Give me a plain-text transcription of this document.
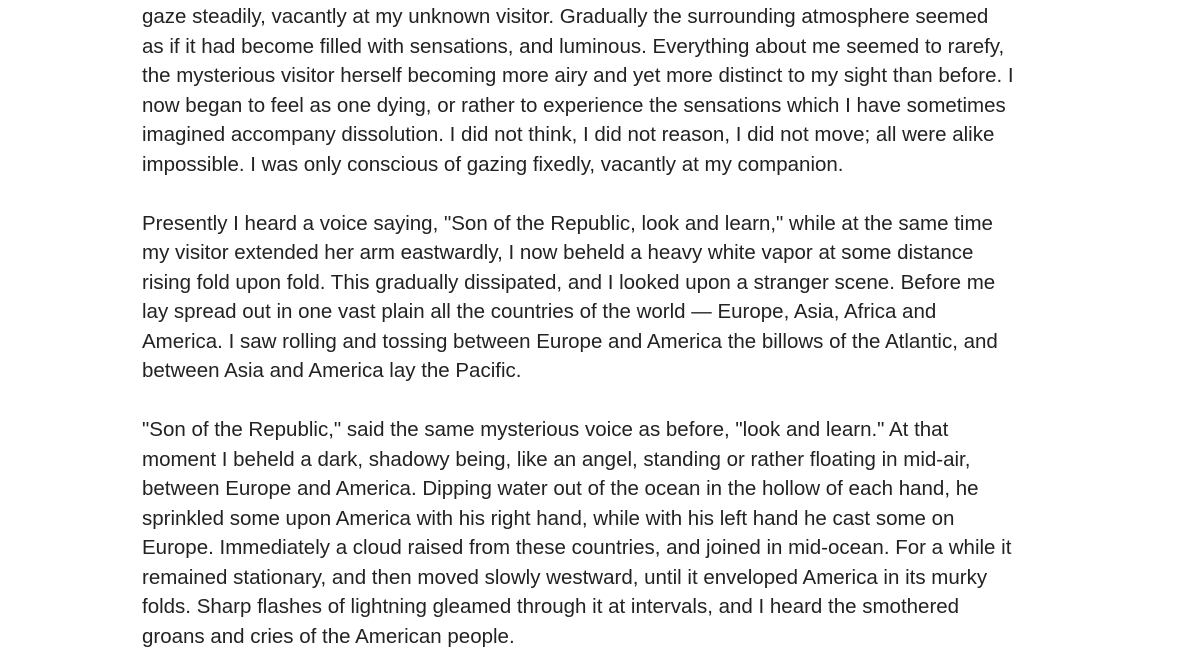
gaze steadily, vacantly at my unknown visitor. Gradually the surrounding atmosphere seemed
as if it had become filled with sensations, and luminous. Everything about me seemed to rarefy,
the mysterious visitor herself becoming more airy and yet more distinct to my sight than before. I
now began to feel as one dying, or rather to experience the sensations which I have sometimes
imagined accompany dissolution. I did not think, I did not reason, I did not move; all were alike
impossible. I was only conscious of gazing fixedly, vacantly at my companion.
Presently I heard a voice saying, "Son of the Republic, look and learn," while at the same time
my visitor extended her arm eastwardly, I now beheld a heavy white vapor at some distance
rising fold upon fold. This gradually dissipated, and I looked upon a stranger scene. Before me
lay spread out in one vast plain all the countries of the world — Europe, Asia, Africa and
America. I saw rolling and tossing between Europe and America the billows of the Atlantic, and
between Asia and America lay the Pacific.
"Son of the Republic," said the same mysterious voice as before, "look and learn." At that
moment I beheld a dark, shadowy being, like an angel, standing or rather floating in mid-air,
between Europe and America. Dipping water out of the ocean in the hollow of each hand, he
sprinkled some upon America with his right hand, while with his left hand he cast some on
Europe. Immediately a cloud raised from these countries, and joined in mid-ocean. For a while it
remained stationary, and then moved slowly westward, until it enveloped America in its murky
folds. Sharp flashes of lightning gleamed through it at intervals, and I heard the smothered
groans and cries of the American people.
